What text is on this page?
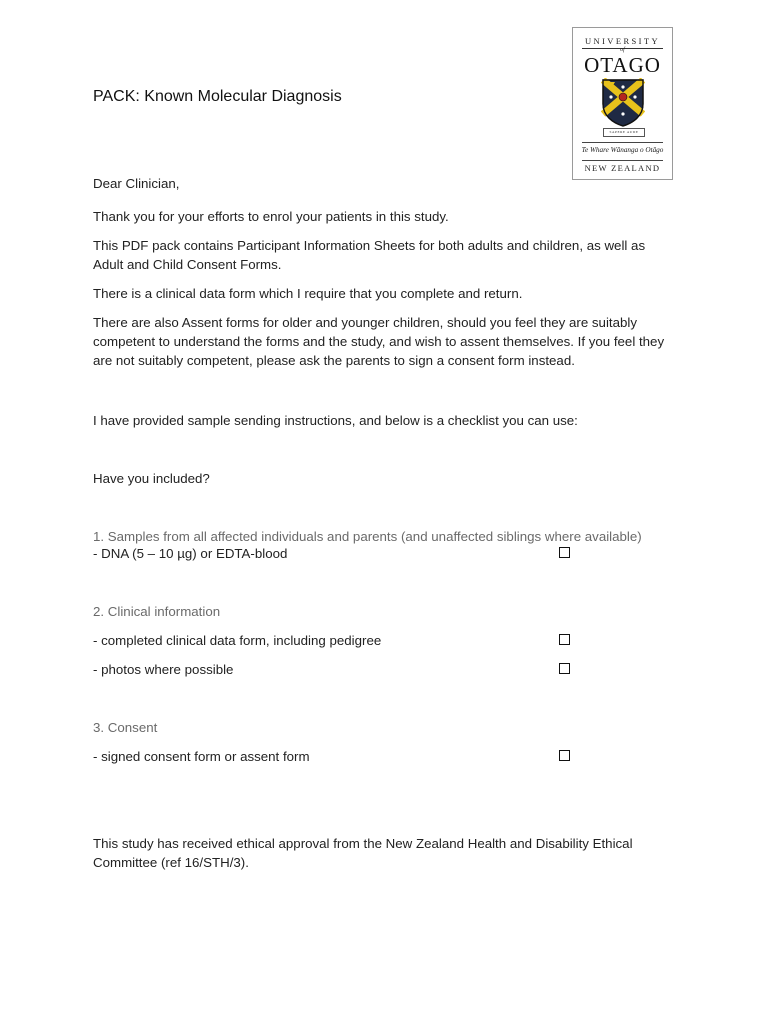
UNIVERSITY
of
OTAGO
SAPERE AUDE
Te Whare Wānanga o Otāgo
NEW ZEALAND
PACK: Known Molecular Diagnosis
Dear Clinician,
Thank you for your efforts to enrol your patients in this study.
This PDF pack contains Participant Information Sheets for both adults and children, as well as Adult and Child Consent Forms.
There is a clinical data form which I require that you complete and return.
There are also Assent forms for older and younger children, should you feel they are suitably competent to understand the forms and the study, and wish to assent themselves. If you feel they are not suitably competent, please ask the parents to sign a consent form instead.
I have provided sample sending instructions, and below is a checklist you can use:
Have you included?
1. Samples from all affected individuals and parents (and unaffected siblings where available)
- DNA (5 – 10 µg) or EDTA-blood
2. Clinical information
- completed clinical data form, including pedigree
- photos where possible
3. Consent
- signed consent form or assent form
This study has received ethical approval from the New Zealand Health and Disability Ethical Committee (ref 16/STH/3).
